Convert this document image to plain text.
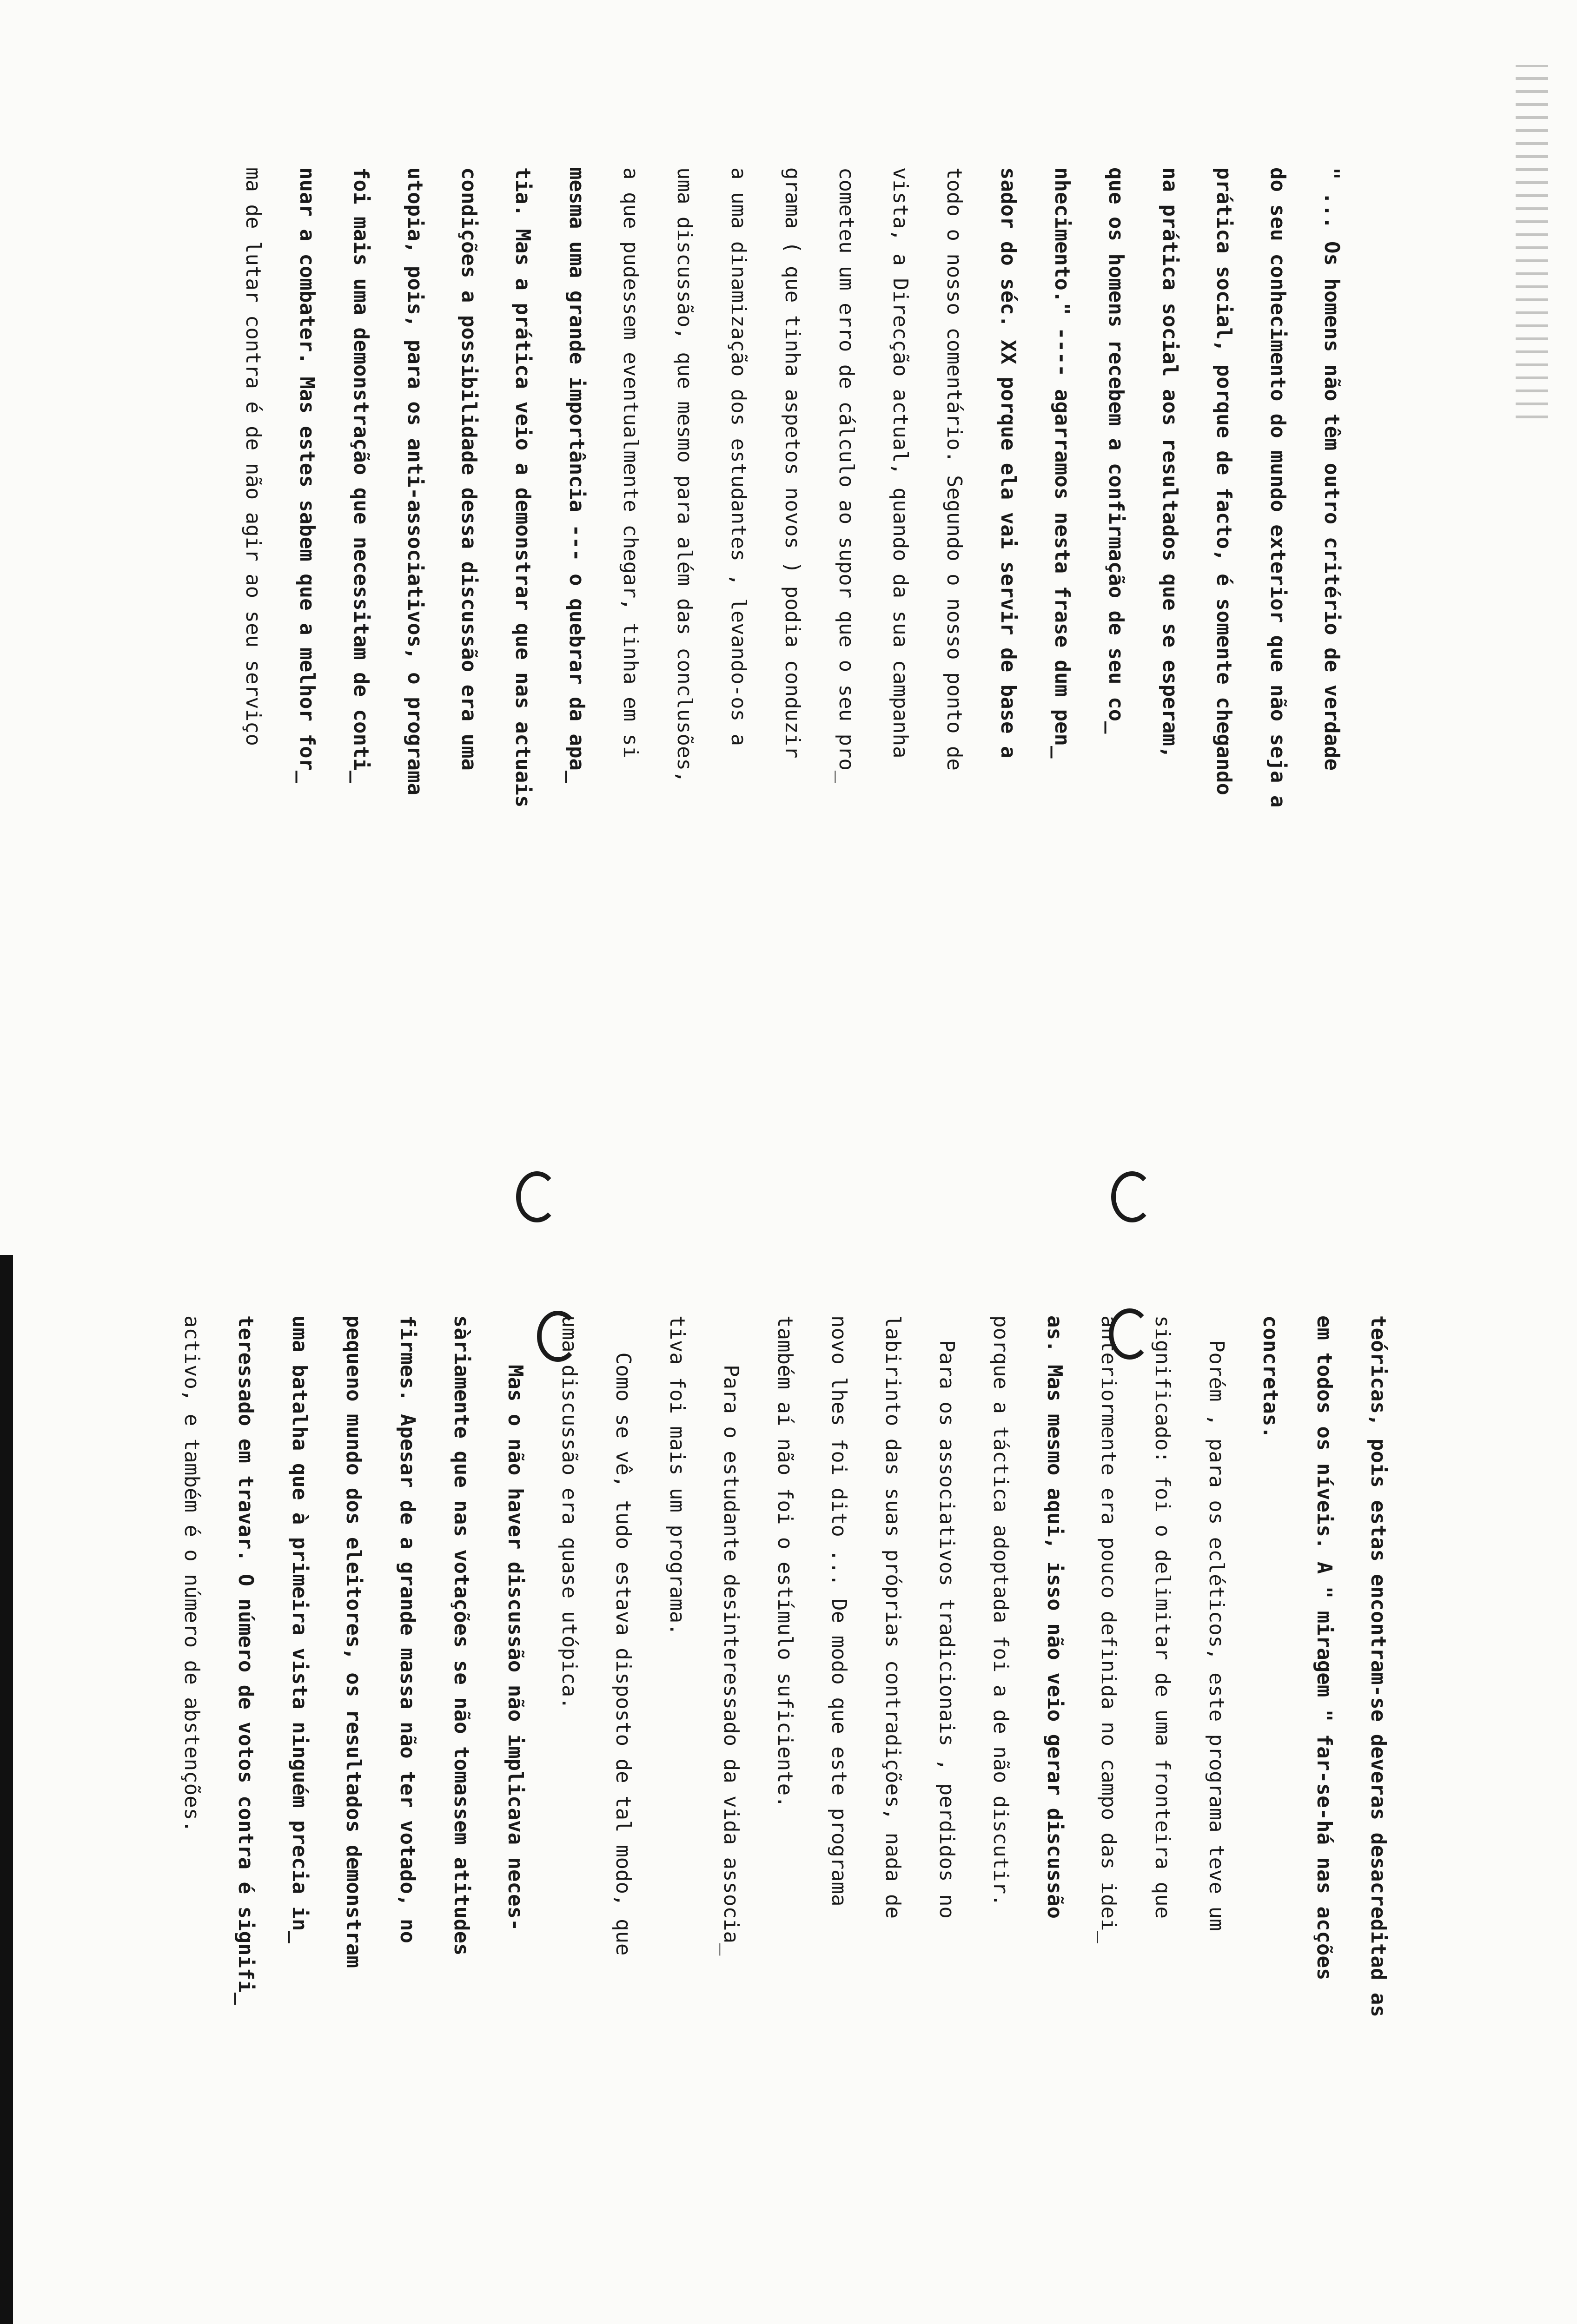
" ... Os homens não têm outro critério de verdade
do seu conhecimento do mundo exterior que não seja a
prática social, porque de facto, é somente chegando
na prática social aos resultados que se esperam,
que os homens recebem a confirmação de seu co_
nhecimento." ---- agarramos nesta frase dum pen_
sador do séc. XX porque ela vai servir de base a
todo o nosso comentário. Segundo o nosso ponto de
vista, a Direcção actual, quando da sua campanha
cometeu um erro de cálculo ao supor que o seu pro_
grama ( que tinha aspetos novos ) podia conduzir
a uma dinamização dos estudantes , levando-os a
uma discussão, que mesmo para além das conclusões,
a que pudessem eventualmente chegar, tinha em si
mesma uma grande importância --- o quebrar da apa_
tia. Mas a prática veio a demonstrar que nas actuais
condições a possibilidade dessa discussão era uma
utopia, pois, para os anti-associativos, o programa
foi mais uma demonstração que necessitam de conti_
nuar a combater. Mas estes sabem que a melhor for_
ma de lutar contra é de não agir ao seu serviço
teóricas, pois estas encontram-se deveras desacreditad as
em todos os níveis. A " miragem " far-se-há nas acções
concretas.
Porém , para os ecléticos, este programa teve um
significado: foi o delimitar de uma fronteira que
anteriormente era pouco definida no campo das idei_
as. Mas mesmo aqui, isso não veio gerar discussão
porque a táctica adoptada foi a de não discutir.
Para os associativos tradicionais , perdidos no
labirinto das suas próprias contradições, nada de
novo lhes foi dito ... De modo que este programa
também aí não foi o estímulo suficiente.
Para o estudante desinteressado da vida associa_
tiva foi mais um programa.
Como se vê, tudo estava disposto de tal modo, que
uma discussão era quase utópica.
Mas o não haver discussão não implicava neces-
sàriamente que nas votações se não tomassem atitudes
firmes. Apesar de a grande massa não ter votado, no
pequeno mundo dos eleitores, os resultados demonstram
uma batalha que à primeira vista ninguém precia in_
teressado em travar. O número de votos contra é signifi_
activo, e também é o número de abstenções.
